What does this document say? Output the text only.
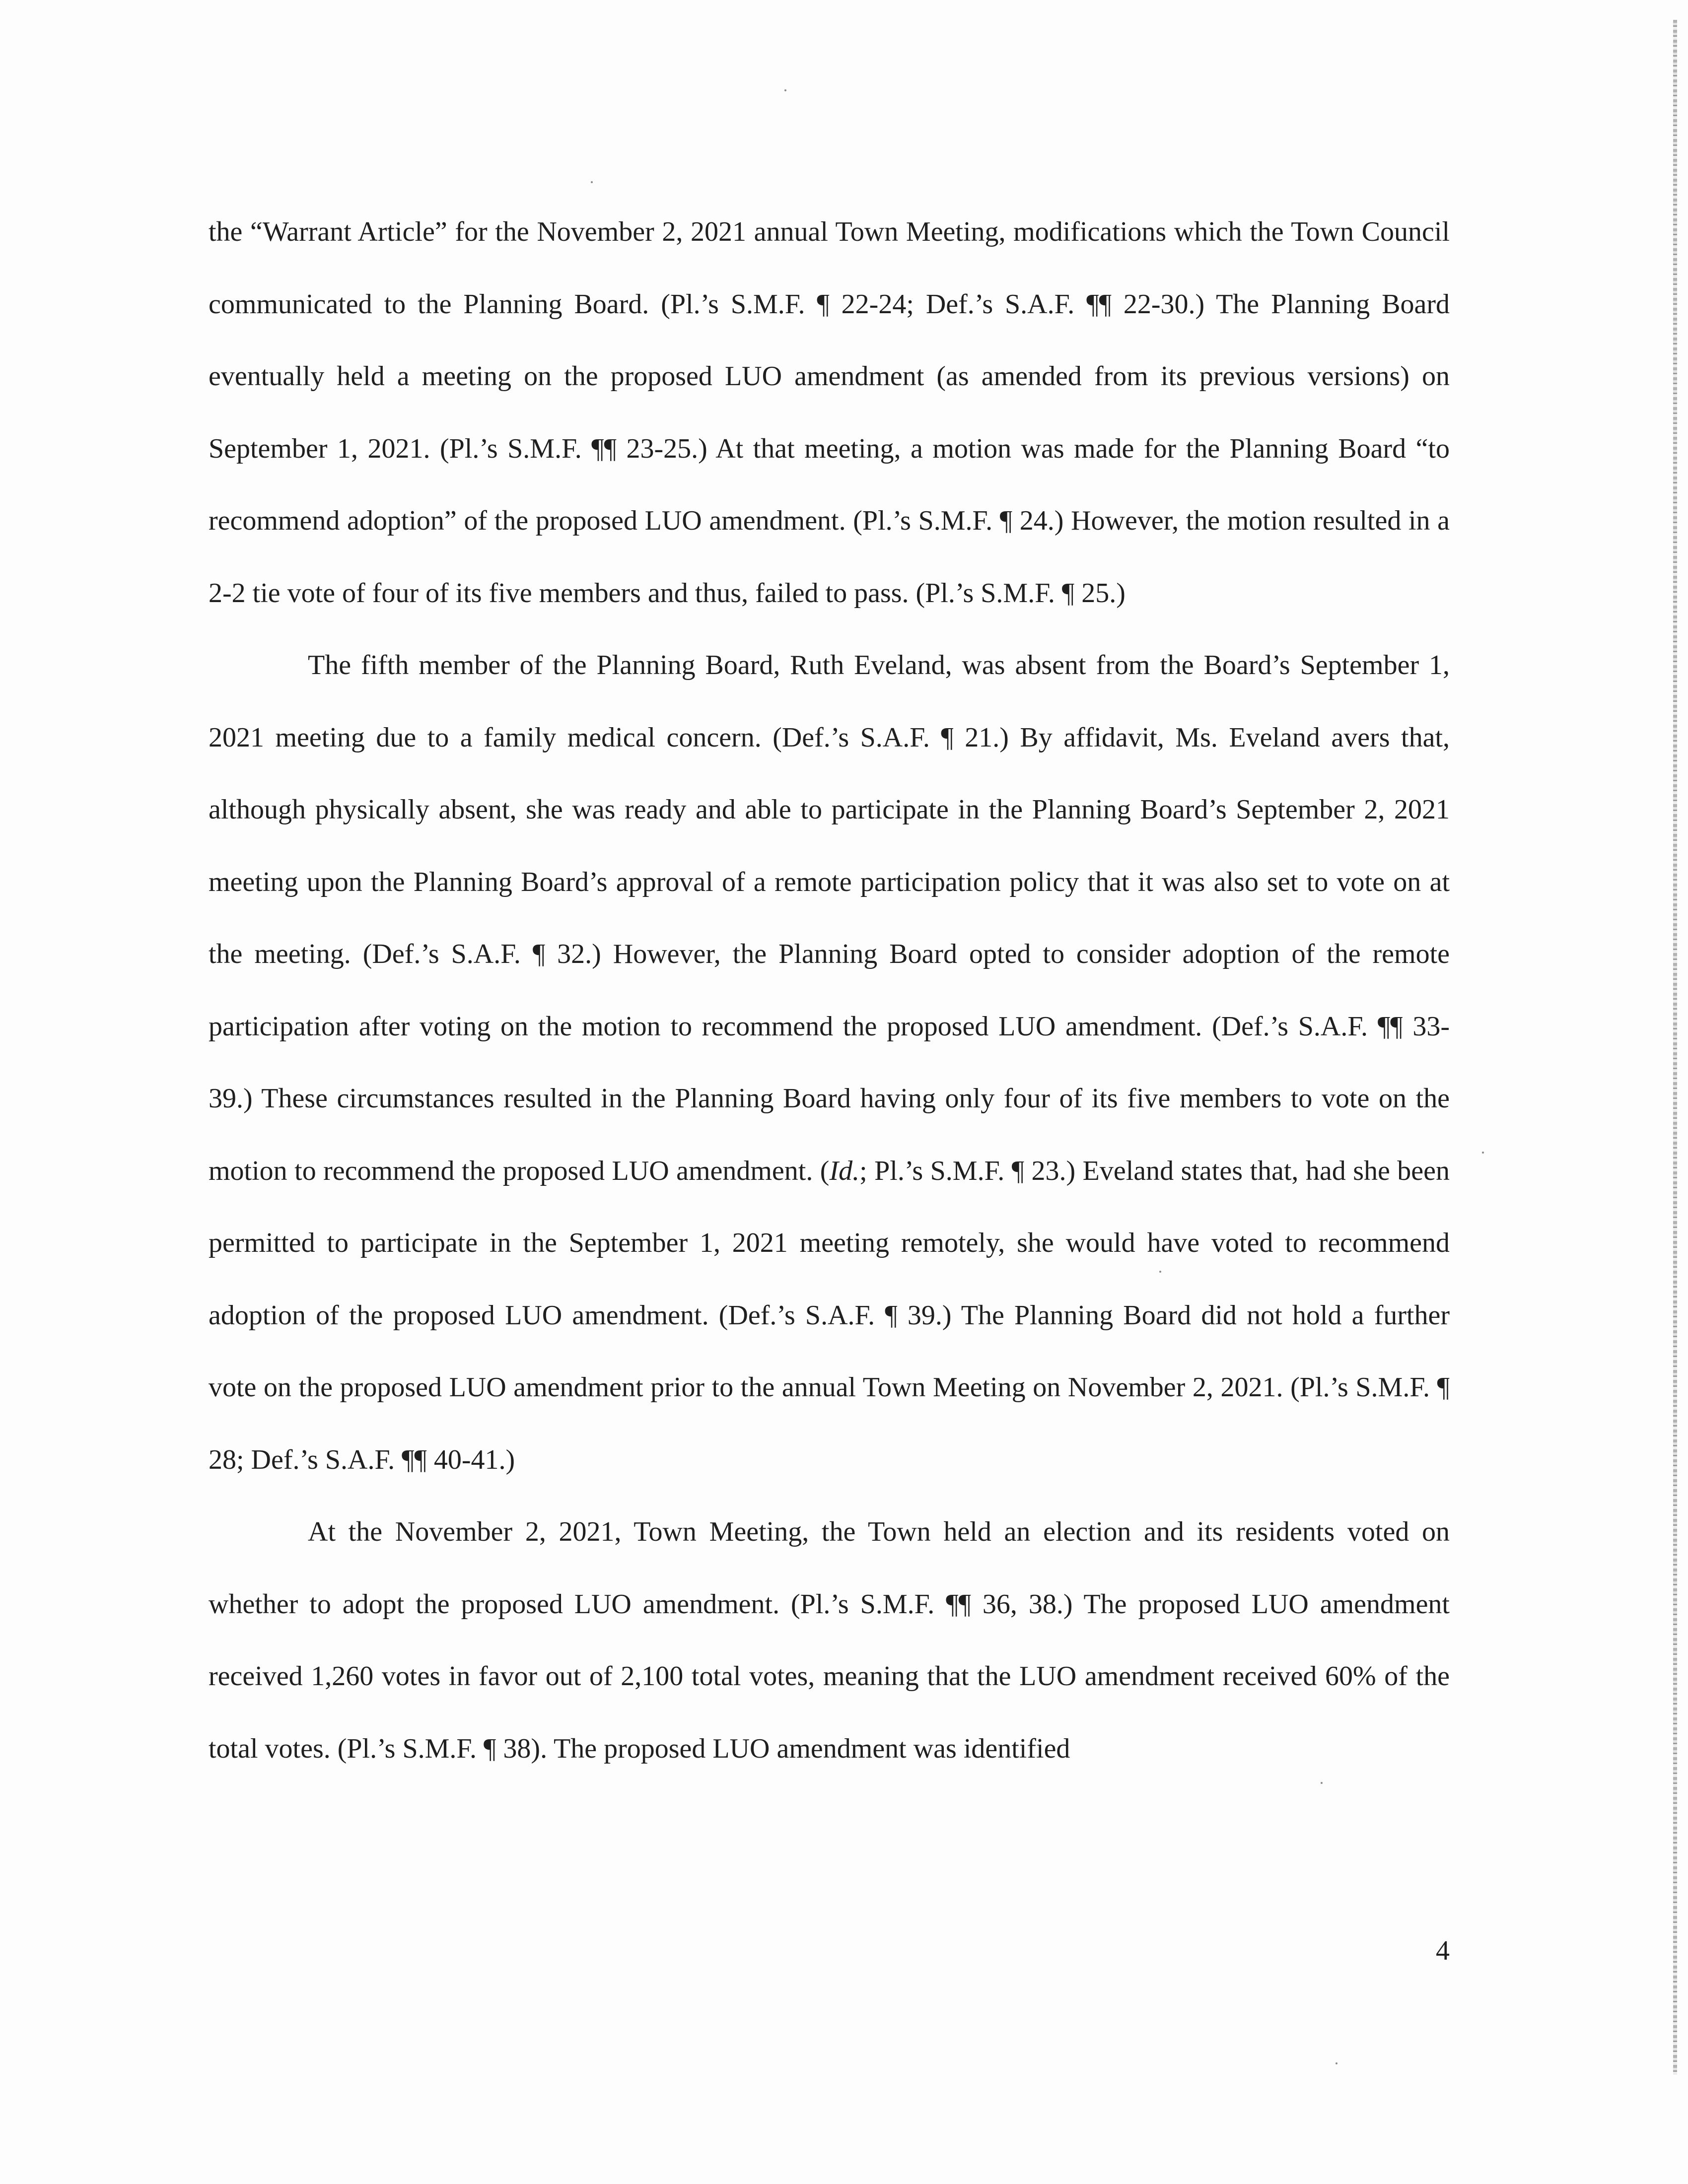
the “Warrant Article” for the November 2, 2021 annual Town Meeting, modifications which the Town Council communicated to the Planning Board. (Pl.’s S.M.F. ¶ 22-24; Def.’s S.A.F. ¶¶ 22-30.) The Planning Board eventually held a meeting on the proposed LUO amendment (as amended from its previous versions) on September 1, 2021. (Pl.’s S.M.F. ¶¶ 23-25.) At that meeting, a motion was made for the Planning Board “to recommend adoption” of the proposed LUO amendment. (Pl.’s S.M.F. ¶ 24.) However, the motion resulted in a 2-2 tie vote of four of its five members and thus, failed to pass. (Pl.’s S.M.F. ¶ 25.)

The fifth member of the Planning Board, Ruth Eveland, was absent from the Board’s September 1, 2021 meeting due to a family medical concern. (Def.’s S.A.F. ¶ 21.) By affidavit, Ms. Eveland avers that, although physically absent, she was ready and able to participate in the Planning Board’s September 2, 2021 meeting upon the Planning Board’s approval of a remote participation policy that it was also set to vote on at the meeting. (Def.’s S.A.F. ¶ 32.) However, the Planning Board opted to consider adoption of the remote participation after voting on the motion to recommend the proposed LUO amendment. (Def.’s S.A.F. ¶¶ 33-39.) These circumstances resulted in the Planning Board having only four of its five members to vote on the motion to recommend the proposed LUO amendment. (Id.; Pl.’s S.M.F. ¶ 23.) Eveland states that, had she been permitted to participate in the September 1, 2021 meeting remotely, she would have voted to recommend adoption of the proposed LUO amendment. (Def.’s S.A.F. ¶ 39.) The Planning Board did not hold a further vote on the proposed LUO amendment prior to the annual Town Meeting on November 2, 2021. (Pl.’s S.M.F. ¶ 28; Def.’s S.A.F. ¶¶ 40-41.)

At the November 2, 2021, Town Meeting, the Town held an election and its residents voted on whether to adopt the proposed LUO amendment. (Pl.’s S.M.F. ¶¶ 36, 38.) The proposed LUO amendment received 1,260 votes in favor out of 2,100 total votes, meaning that the LUO amendment received 60% of the total votes. (Pl.’s S.M.F. ¶ 38). The proposed LUO amendment was identified

4
